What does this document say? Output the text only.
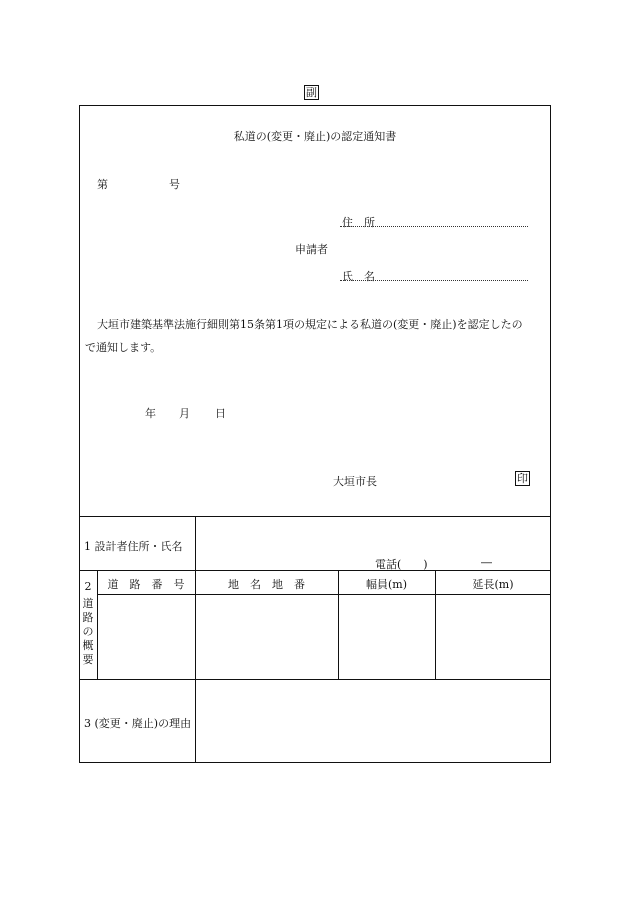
副
私道の(変更・廃止)の認定通知書
第	号
住　所
申請者
氏　名
大垣市建築基準法施行細則第15条第1項の規定による私道の(変更・廃止)を認定したの
で通知します。
年 月 日
大垣市長	印
1 設計者住所・氏名
電話(　　)	―
2
道路の概要
道　路　番　号	地　名　地　番	幅員(m)	延長(m)
3 (変更・廃止)の理由
